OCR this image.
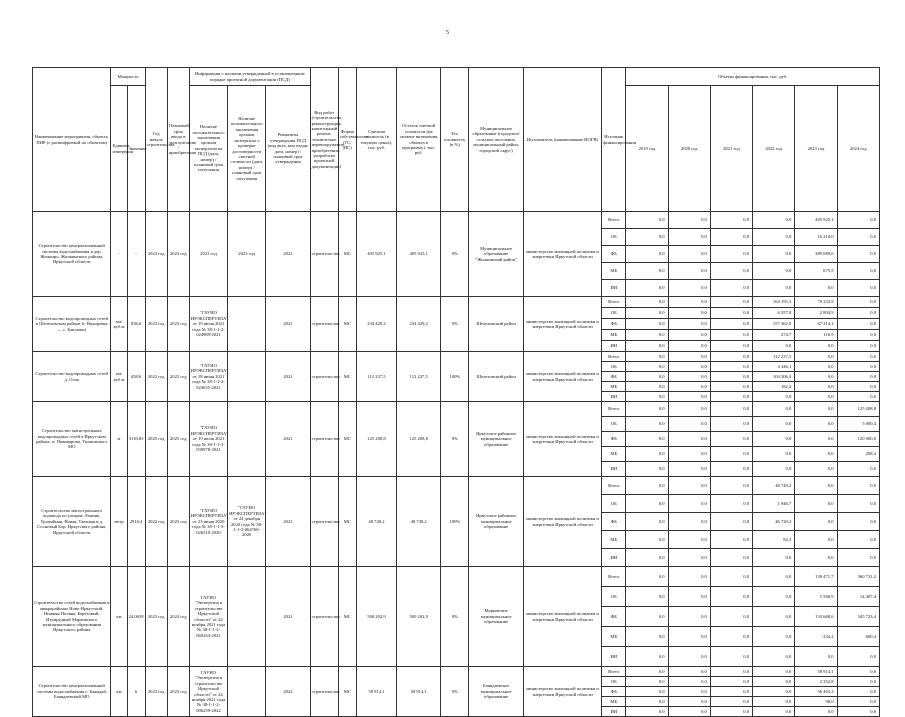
5
Наименование мероприятия, объекта, ПИР (с расшифровкой по объектам)	Мощность		Год начала строительства	Плановый срок ввода в эксплуатацию / приобретения	Информация о наличии утвержденной в установленном порядке проектной документации (ПСД)			Вид работ (строительство, реконструкция, капитальный ремонт, техническое перевооружение, приобретение, разработка проектной документации)	Форма собственности (ГС/МС)	Сметная стоимость (в текущих ценах), тыс. руб.	Остаток сметной стоимости (на момент включения объекта в программу), тыс. руб.	Тех. готовность, (в %)	Муниципальное образование (городское/сельское поселение, муниципальный район, городской округ)	Исполнитель (наименование ИОГВ)	Источник финансирования	Объемы финансирования, тыс. руб.					
	Единица измерения	Значение			Наличие положительного заключения органов экспертизы на ПСД (дата, номер) / плановый срок получения	Наличие положительного заключения органов экспертизы о проверке достоверности сметной стоимости (дата, номер) / плановый срок получения	Реквизиты утверждения ПСД (вид акта, кем издан, дата, номер) / плановый срок утверждения									2019 год	2020 год	2021 год	2022 год	2023 год	2024 год
Строительство централизованной системы водоснабжения в дер. Жилкино, Жилкинского района, Иркутской области	-	-	2023 год	2023 год	2023 год	2023 год	2022	строительство	МС	405 925,1	405 925,1	0%	Муниципальное образование "Жилкинский район"	министерство жилищной политики и энергетики Иркутской области	Всего	0,0	0,0	0,0	0,0	405 925,1	0,0
															ОБ	0,0	0,0	0,0	0,0	16 210,0	0,0
															ФБ	0,0	0,0	0,0	0,0	389 089,6	0,0
															МБ	0,0	0,0	0,0	0,0	675,5	0,0
															ИИ	0,0	0,0	0,0	0,0	0,0	0,0
Строительство водопроводных сетей в Шелеховском районе (г. Вихоревка — с. Баклаши)	км/куб.м	836,6	2023 год	2023 год	"ГАУИО ИРЭКСПЕРТИЗА" от 19 июля 2021 года № 38-1-1-2-024989-2021		2021	строительство	МС	234 429,2	234 429,2	0%	Шелеховский район	министерство жилищной политики и энергетики Иркутской области	Всего	0,0	0,0	0,0	164 195,3	70 233,9	0,0
															ОБ	0,0	0,0	0,0	6 557,8	2 804,9	0,0
															ФБ	0,0	0,0	0,0	157 362,8	67 314,1	0,0
															МБ	0,0	0,0	0,0	274,7	116,9	0,0
															ИИ	0,0	0,0	0,0	0,0	0,0	0,0
Строительство водопроводных сетей д. Олха	км/куб.м	458,6	2022 год	2022 год	"ГАУИО ИРЭКСПЕРТИЗА" от 18 июня 2021 года № 38-1-1-2-024635-2021		2021	строительство	МС	112 237,5	112 237,5	100%	Шелеховский район	министерство жилищной политики и энергетики Иркутской области	Всего	0,0	0,0	0,0	112 237,5	0,0	0,0
															ОБ	0,0	0,0	0,0	4 346,1	0,0	0,0
															ФБ	0,0	0,0	0,0	104 306,4	0,0	0,0
															МБ	0,0	0,0	0,0	182,4	0,0	0,0
															ИИ	0,0	0,0	0,0	0,0	0,0	0,0
Строительство магистральных водопроводных сетей в Иркутском районе, п. Пивоварова, Ушаковского МО	м	3116,83	2025 год	2025 год	"ГАУИО ИРЭКСПЕРТИЗА" от 19 июля 2021 года № 38-1-1-3-038978-2021		2021	строительство	МС	125 208,8	125 208,8	0%	Иркутское районное муниципальное образование	министерство жилищной политики и энергетики Иркутской области	Всего	0,0	0,0	0,0	0,0	0,0	125 208,8
															ОБ	0,0	0,0	0,0	0,0	0,0	5 000,4
															ФБ	0,0	0,0	0,0	0,0	0,0	120 000,0
															МБ	0,0	0,0	0,0	0,0	0,0	208,4
															ИИ	0,0	0,0	0,0	0,0	0,0	0,0
Строительство магистрального водовода по улицам: Ленина, Урожайная, Новая, Таежная в д. Сосновый Бор, Иркутского района, Иркутской области	метр	2916,4	2022 год	2023 год	"ГАУИО ИРЭКСПЕРТИЗА" от 23 июня 2020 года № 38-1-1-3-026510-2020	"ГАУИО ИРЭКСПЕРТИЗА" от 24 декабря 2020 года № 38-1-1-2-064760-2020	2021	строительство	МС	48 749,2	48 749,2	100%	Иркутское районное муниципальное образование	министерство жилищной политики и энергетики Иркутской области	Всего	0,0	0,0	0,0	48 749,2	0,0	0,0
															ОБ	0,0	0,0	0,0	1 946,7	0,0	0,0
															ФБ	0,0	0,0	0,0	46 720,2	0,0	0,0
															МБ	0,0	0,0	0,0	82,3	0,0	0,0
															ИИ	0,0	0,0	0,0	0,0	0,0	0,0
Строительство сетей водоснабжения в микрорайонах Ново-Иркутский, Нижняя Поляна, Березовый, Изумрудный Марковского муниципального образования Иркутского района	км	24,0658	2023 год	2024 год	ГАУИО "Экспертиза в строительстве Иркутской области" от 24 ноября 2021 года № 38-1-1-2-069243-2021		2021	строительство	МС	500 202,9	500 202,9	0%	Марковское муниципальное образование	министерство жилищной политики и энергетики Иркутской области	Всего	0,0	0,0	0,0	0,0	139 471,7	360 731,2
															ОБ	0,0	0,0	0,0	0,0	5 568,9	14 407,4
															ФБ	0,0	0,0	0,0	0,0	133 668,6	345 723,4
															МБ	0,0	0,0	0,0	0,0	234,2	600,4
															ИИ	0,0	0,0	0,0	0,0	0,0	0,0
Строительство централизованной системы водоснабжения с. Баяндай, Баяндаевский МО	км	6	2023 год	2023 год	ГАУИО "Экспертиза в строительстве Иркутской области" от 24 ноября 2021 года № 38-1-1-2-006259-2022		2022	строительство	МС	58 914,1	58 914,1	0%	Баяндаевское муниципальное образование	министерство жилищной политики и энергетики Иркутской области	Всего	0,0	0,0	0,0	0,0	58 914,1	0,0
															ОБ	0,0	0,0	0,0	0,0	2 352,8	0,0
															ФБ	0,0	0,0	0,0	0,0	56 463,3	0,0
															МБ	0,0	0,0	0,0	0,0	98,0	0,0
															ИИ	0,0	0,0	0,0	0,0	0,0	0,0
